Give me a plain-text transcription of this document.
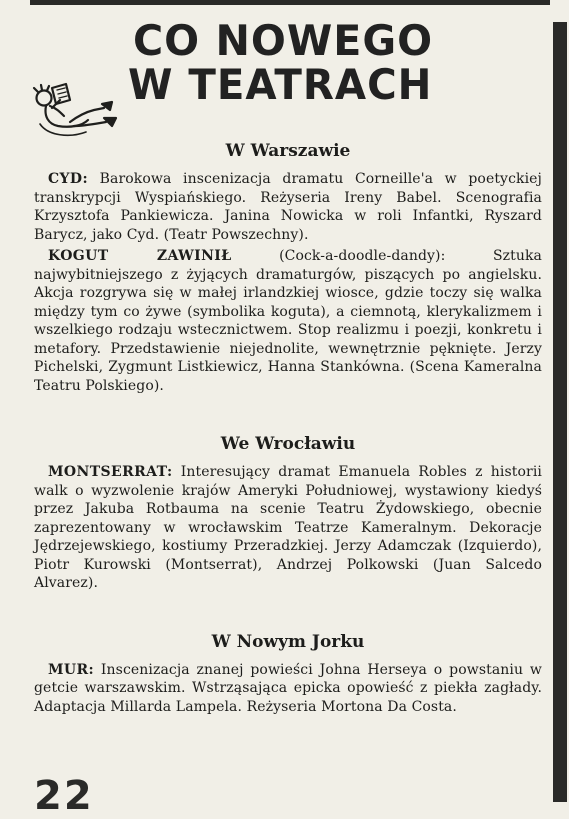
CO NOWEGO
W TEATRACH
W Warszawie

CYD: Barokowa inscenizacja dramatu Corneille'a w poetyckiej transkrypcji Wyspiańskiego. Reżyseria Ireny Babel. Scenografia Krzysztofa Pankiewicza. Janina Nowicka w roli Infantki, Ryszard Barycz, jako Cyd. (Teatr Powszechny).

KOGUT ZAWINIŁ (Cock-a-doodle-dandy): Sztuka najwybitniejszego z żyjących dramaturgów, piszących po angielsku. Akcja rozgrywa się w małej irlandzkiej wiosce, gdzie toczy się walka między tym co żywe (symbolika koguta), a ciemnotą, klerykalizmem i wszelkiego rodzaju wstecznictwem. Stop realizmu i poezji, konkretu i metafory. Przedstawienie niejednolite, wewnętrznie pęknięte. Jerzy Pichelski, Zygmunt Listkiewicz, Hanna Stankówna. (Scena Kameralna Teatru Polskiego).

We Wrocławiu

MONTSERRAT: Interesujący dramat Emanuela Robles z historii walk o wyzwolenie krajów Ameryki Południowej, wystawiony kiedyś przez Jakuba Rotbauma na scenie Teatru Żydowskiego, obecnie zaprezentowany w wrocławskim Teatrze Kameralnym. Dekoracje Jędrzejewskiego, kostiumy Przeradzkiej. Jerzy Adamczak (Izquierdo), Piotr Kurowski (Montserrat), Andrzej Polkowski (Juan Salcedo Alvarez).

W Nowym Jorku

MUR: Inscenizacja znanej powieści Johna Herseya o powstaniu w getcie warszawskim. Wstrząsająca epicka opowieść z piekła zagłady. Adaptacja Millarda Lampela. Reżyseria Mortona Da Costa.

22
